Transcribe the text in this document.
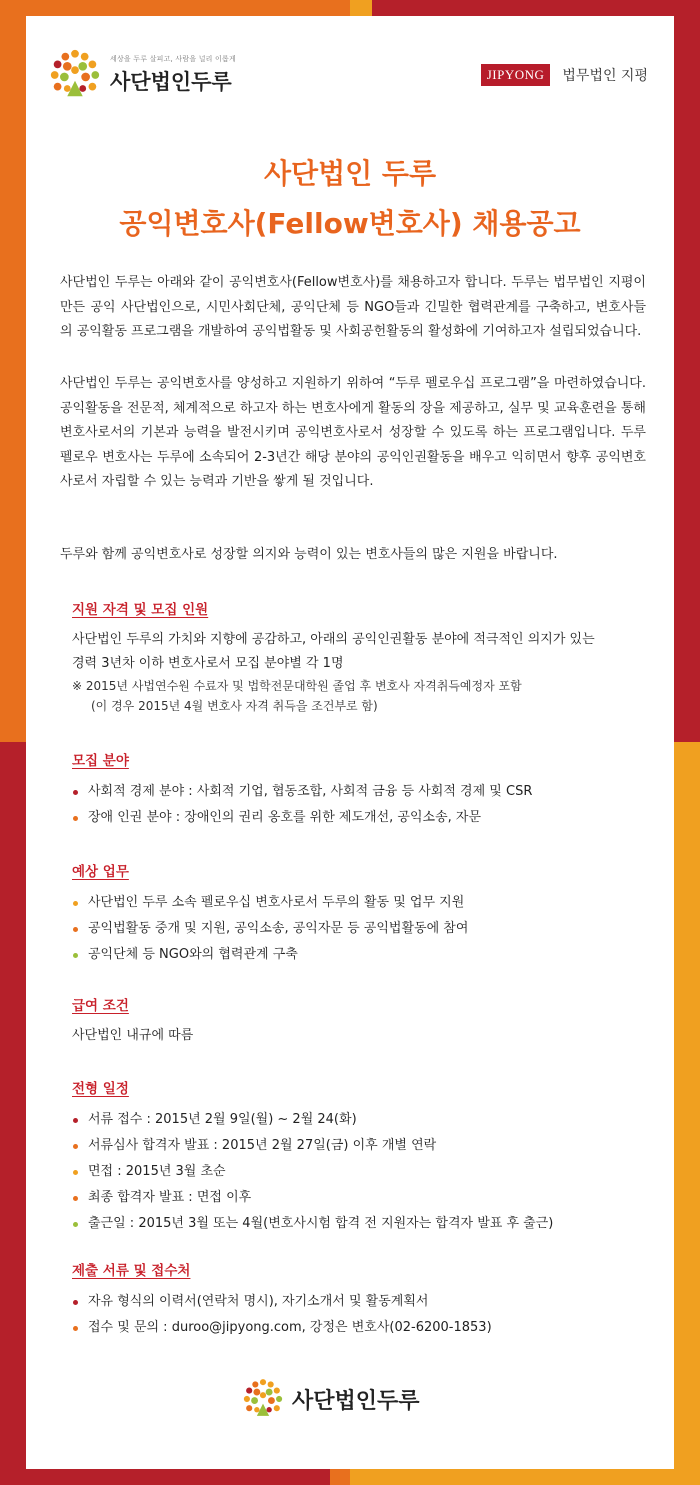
세상을 두루 살피고, 사람을 널리 이롭게
사단법인두루	JIPYONG	법무법인 지평
사단법인 두루
공익변호사(Fellow변호사) 채용공고
사단법인 두루는 아래와 같이 공익변호사(Fellow변호사)를 채용하고자 합니다. 두루는 법무법인 지평이 만든 공익 사단법인으로, 시민사회단체, 공익단체 등 NGO들과 긴밀한 협력관계를 구축하고, 변호사들의 공익활동 프로그램을 개발하여 공익법활동 및 사회공헌활동의 활성화에 기여하고자 설립되었습니다.
사단법인 두루는 공익변호사를 양성하고 지원하기 위하여 “두루 펠로우십 프로그램”을 마련하였습니다. 공익활동을 전문적, 체계적으로 하고자 하는 변호사에게 활동의 장을 제공하고, 실무 및 교육훈련을 통해 변호사로서의 기본과 능력을 발전시키며 공익변호사로서 성장할 수 있도록 하는 프로그램입니다. 두루 펠로우 변호사는 두루에 소속되어 2-3년간 해당 분야의 공익인권활동을 배우고 익히면서 향후 공익변호사로서 자립할 수 있는 능력과 기반을 쌓게 될 것입니다.
두루와 함께 공익변호사로 성장할 의지와 능력이 있는 변호사들의 많은 지원을 바랍니다.
지원 자격 및 모집 인원
사단법인 두루의 가치와 지향에 공감하고, 아래의 공익인권활동 분야에 적극적인 의지가 있는
경력 3년차 이하 변호사로서 모집 분야별 각 1명
※ 2015년 사법연수원 수료자 및 법학전문대학원 졸업 후 변호사 자격취득예정자 포함
(이 경우 2015년 4월 변호사 자격 취득을 조건부로 함)
모집 분야
사회적 경제 분야 : 사회적 기업, 협동조합, 사회적 금융 등 사회적 경제 및 CSR
장애 인권 분야 : 장애인의 권리 옹호를 위한 제도개선, 공익소송, 자문
예상 업무
사단법인 두루 소속 펠로우십 변호사로서 두루의 활동 및 업무 지원
공익법활동 중개 및 지원, 공익소송, 공익자문 등 공익법활동에 참여
공익단체 등 NGO와의 협력관계 구축
급여 조건
사단법인 내규에 따름
전형 일정
서류 접수 : 2015년 2월 9일(월) ~ 2월 24(화)
서류심사 합격자 발표 : 2015년 2월 27일(금) 이후 개별 연락
면접 : 2015년 3월 초순
최종 합격자 발표 : 면접 이후
출근일 : 2015년 3월 또는 4월(변호사시험 합격 전 지원자는 합격자 발표 후 출근)
제출 서류 및 접수처
자유 형식의 이력서(연락처 명시), 자기소개서 및 활동계획서
접수 및 문의 : duroo@jipyong.com, 강정은 변호사(02-6200-1853)
사단법인두루
